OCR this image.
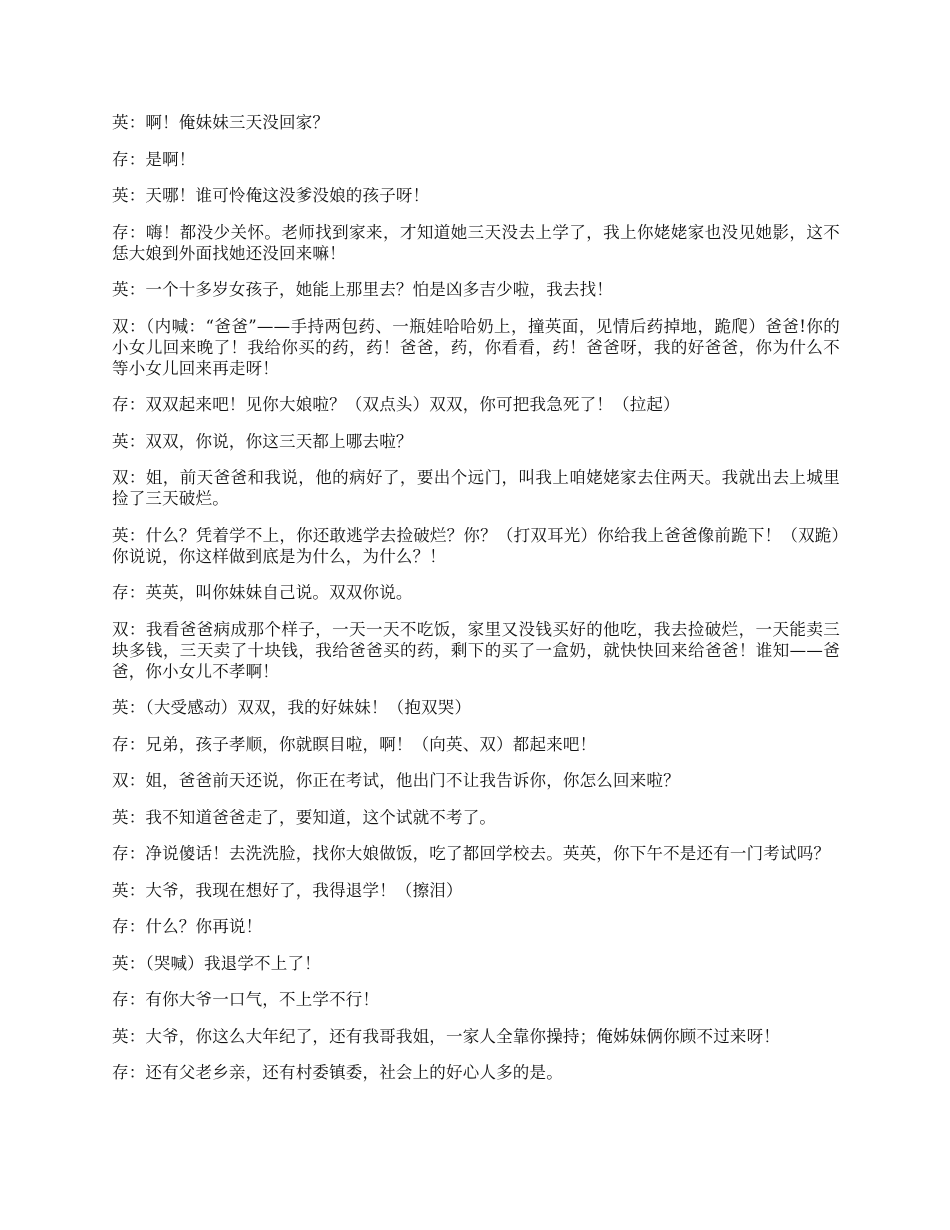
英：啊！俺妹妹三天没回家？

存：是啊！

英：天哪！谁可怜俺这没爹没娘的孩子呀！

存：嗨！都没少关怀。老师找到家来，才知道她三天没去上学了，我上你姥姥家也没见她影，这不恁大娘到外面找她还没回来嘛！

英：一个十多岁女孩子，她能上那里去？怕是凶多吉少啦，我去找！

双：（内喊：“爸爸”——手持两包药、一瓶娃哈哈奶上，撞英面，见情后药掉地，跪爬）爸爸!你的小女儿回来晚了！我给你买的药，药！爸爸，药，你看看，药！爸爸呀，我的好爸爸，你为什么不等小女儿回来再走呀！

存：双双起来吧！见你大娘啦？（双点头）双双，你可把我急死了！（拉起）

英：双双，你说，你这三天都上哪去啦？

双：姐，前天爸爸和我说，他的病好了，要出个远门，叫我上咱姥姥家去住两天。我就出去上城里捡了三天破烂。

英：什么？凭着学不上，你还敢逃学去捡破烂？你？（打双耳光）你给我上爸爸像前跪下！（双跪）你说说，你这样做到底是为什么，为什么？！

存：英英，叫你妹妹自己说。双双你说。

双：我看爸爸病成那个样子，一天一天不吃饭，家里又没钱买好的他吃，我去捡破烂，一天能卖三块多钱，三天卖了十块钱，我给爸爸买的药，剩下的买了一盒奶，就快快回来给爸爸！谁知——爸爸，你小女儿不孝啊！

英：（大受感动）双双，我的好妹妹！（抱双哭）

存：兄弟，孩子孝顺，你就瞑目啦，啊！（向英、双）都起来吧！

双：姐，爸爸前天还说，你正在考试，他出门不让我告诉你，你怎么回来啦？

英：我不知道爸爸走了，要知道，这个试就不考了。

存：净说傻话！去洗洗脸，找你大娘做饭，吃了都回学校去。英英，你下午不是还有一门考试吗？

英：大爷，我现在想好了，我得退学！（擦泪）

存：什么？你再说！

英：（哭喊）我退学不上了！

存：有你大爷一口气，不上学不行！

英：大爷，你这么大年纪了，还有我哥我姐，一家人全靠你操持；俺姊妹俩你顾不过来呀！

存：还有父老乡亲，还有村委镇委，社会上的好心人多的是。
